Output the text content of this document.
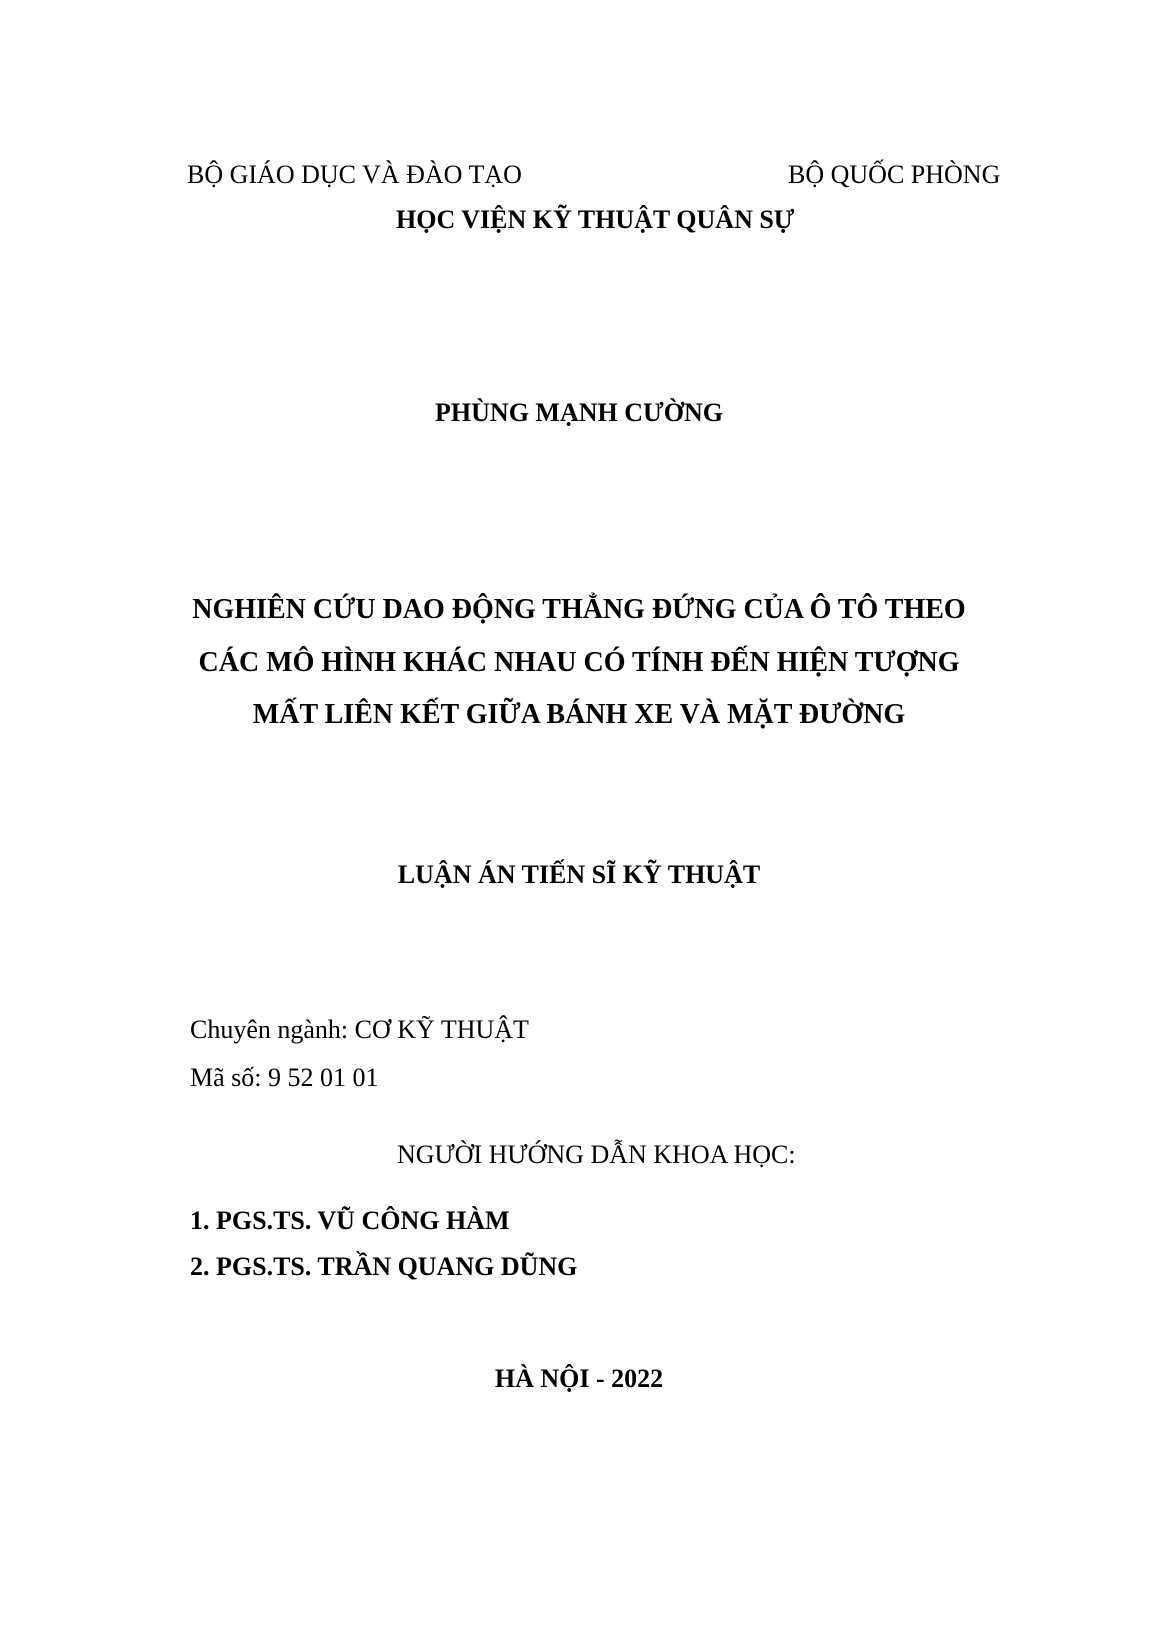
BỘ GIÁO DỤC VÀ ĐÀO TẠO	BỘ QUỐC PHÒNG
HỌC VIỆN KỸ THUẬT QUÂN SỰ
PHÙNG MẠNH CƯỜNG
NGHIÊN CỨU DAO ĐỘNG THẲNG ĐỨNG CỦA Ô TÔ THEO
CÁC MÔ HÌNH KHÁC NHAU CÓ TÍNH ĐẾN HIỆN TƯỢNG
MẤT LIÊN KẾT GIỮA BÁNH XE VÀ MẶT ĐƯỜNG
LUẬN ÁN TIẾN SĨ KỸ THUẬT
Chuyên ngành: CƠ KỸ THUẬT
Mã số: 9 52 01 01
NGƯỜI HƯỚNG DẪN KHOA HỌC:
1. PGS.TS. VŨ CÔNG HÀM
2. PGS.TS. TRẦN QUANG DŨNG
HÀ NỘI - 2022
